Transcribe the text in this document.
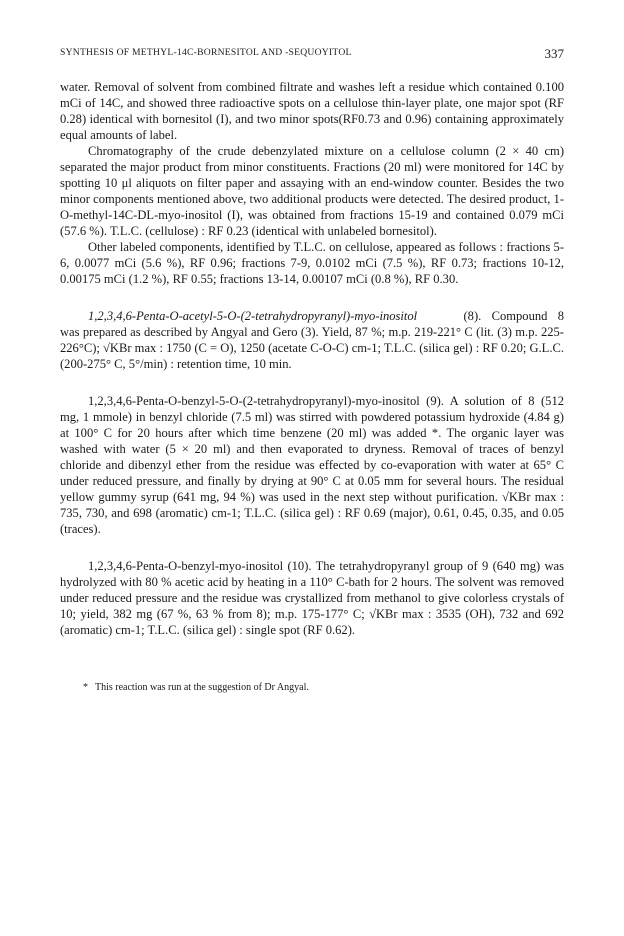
SYNTHESIS OF METHYL-14C-BORNESITOL AND -SEQUOYITOL	337

water. Removal of solvent from combined filtrate and washes left a residue which contained 0.100 mCi of 14C, and showed three radioactive spots on a cellulose thin-layer plate, one major spot (RF 0.28) identical with bornesitol (I), and two minor spots(RF0.73 and 0.96) containing approximately equal amounts of label.

Chromatography of the crude debenzylated mixture on a cellulose column (2 × 40 cm) separated the major product from minor constituents. Fractions (20 ml) were monitored for 14C by spotting 10 μl aliquots on filter paper and assaying with an end-window counter. Besides the two minor components mentioned above, two additional products were detected. The desired product, 1-O-methyl-14C-DL-myo-inositol (I), was obtained from fractions 15-19 and contained 0.079 mCi (57.6 %). T.L.C. (cellulose) : RF 0.23 (identical with unlabeled bornesitol).

Other labeled components, identified by T.L.C. on cellulose, appeared as follows : fractions 5-6, 0.0077 mCi (5.6 %), RF 0.96; fractions 7-9, 0.0102 mCi (7.5 %), RF 0.73; fractions 10-12, 0.00175 mCi (1.2 %), RF 0.55; fractions 13-14, 0.00107 mCi (0.8 %), RF 0.30.

1,2,3,4,6-Penta-O-acetyl-5-O-(2-tetrahydropyranyl)-myo-inositol	(8). Compound 8 was prepared as described by Angyal and Gero (3). Yield, 87 %; m.p. 219-221° C (lit. (3) m.p. 225-226°C); √KBr max : 1750 (C = O), 1250 (acetate C-O-C) cm-1; T.L.C. (silica gel) : RF 0.20; G.L.C. (200-275° C, 5°/min) : retention time, 10 min.

1,2,3,4,6-Penta-O-benzyl-5-O-(2-tetrahydropyranyl)-myo-inositol (9). A solution of 8 (512 mg, 1 mmole) in benzyl chloride (7.5 ml) was stirred with powdered potassium hydroxide (4.84 g) at 100° C for 20 hours after which time benzene (20 ml) was added *. The organic layer was washed with water (5 × 20 ml) and then evaporated to dryness. Removal of traces of benzyl chloride and dibenzyl ether from the residue was effected by co-evaporation with water at 65° C under reduced pressure, and finally by drying at 90° C at 0.05 mm for several hours. The residual yellow gummy syrup (641 mg, 94 %) was used in the next step without purification. √KBr max : 735, 730, and 698 (aromatic) cm-1; T.L.C. (silica gel) : RF 0.69 (major), 0.61, 0.45, 0.35, and 0.05 (traces).

1,2,3,4,6-Penta-O-benzyl-myo-inositol (10). The tetrahydropyranyl group of 9 (640 mg) was hydrolyzed with 80 % acetic acid by heating in a 110° C-bath for 2 hours. The solvent was removed under reduced pressure and the residue was crystallized from methanol to give colorless crystals of 10; yield, 382 mg (67 %, 63 % from 8); m.p. 175-177° C; √KBr max : 3535 (OH), 732 and 692 (aromatic) cm-1; T.L.C. (silica gel) : single spot (RF 0.62).

* This reaction was run at the suggestion of Dr Angyal.
